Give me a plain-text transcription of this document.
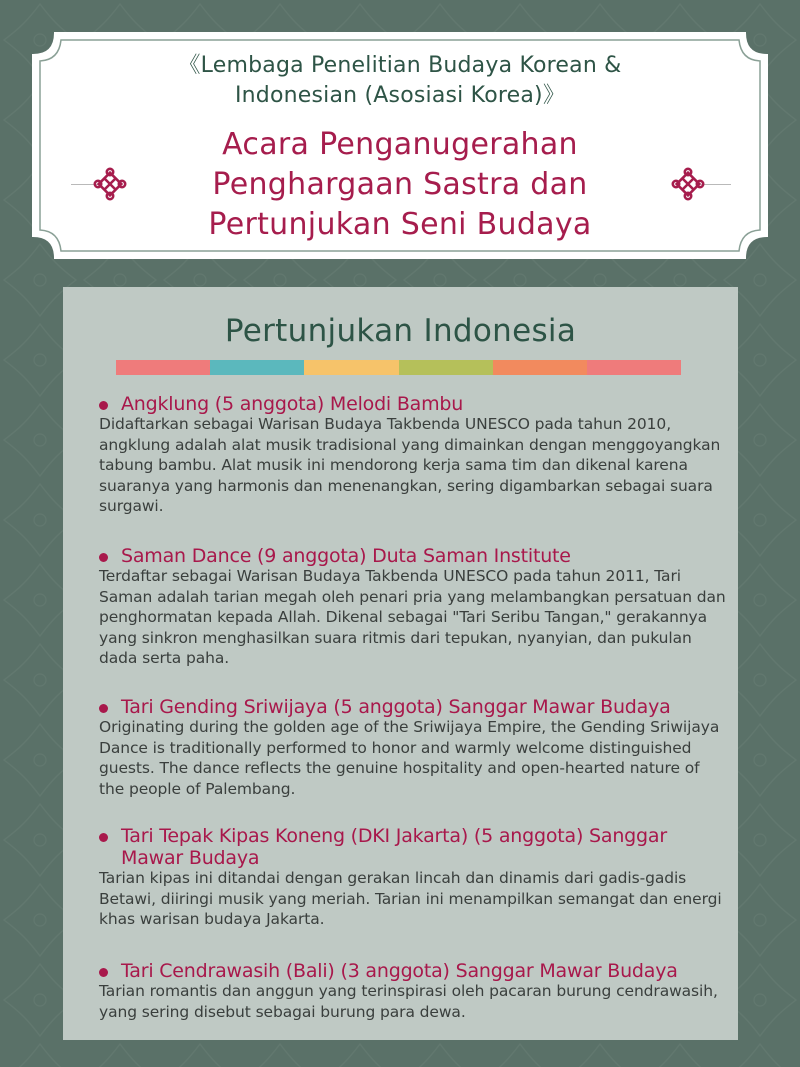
《Lembaga Penelitian Budaya Korean &
Indonesian (Asosiasi Korea)》
Acara Penganugerahan
Penghargaan Sastra dan
Pertunjukan Seni Budaya
Pertunjukan Indonesia
Angklung (5 anggota) Melodi Bambu
Didaftarkan sebagai Warisan Budaya Takbenda UNESCO pada tahun 2010, angklung adalah alat musik tradisional yang dimainkan dengan menggoyangkan tabung bambu. Alat musik ini mendorong kerja sama tim dan dikenal karena suaranya yang harmonis dan menenangkan, sering digambarkan sebagai suara surgawi.
Saman Dance (9 anggota) Duta Saman Institute
Terdaftar sebagai Warisan Budaya Takbenda UNESCO pada tahun 2011, Tari Saman adalah tarian megah oleh penari pria yang melambangkan persatuan dan penghormatan kepada Allah. Dikenal sebagai "Tari Seribu Tangan," gerakannya yang sinkron menghasilkan suara ritmis dari tepukan, nyanyian, dan pukulan dada serta paha.
Tari Gending Sriwijaya (5 anggota) Sanggar Mawar Budaya
Originating during the golden age of the Sriwijaya Empire, the Gending Sriwijaya Dance is traditionally performed to honor and warmly welcome distinguished guests. The dance reflects the genuine hospitality and open-hearted nature of the people of Palembang.
Tari Tepak Kipas Koneng (DKI Jakarta) (5 anggota) Sanggar Mawar Budaya
Tarian kipas ini ditandai dengan gerakan lincah dan dinamis dari gadis-gadis Betawi, diiringi musik yang meriah. Tarian ini menampilkan semangat dan energi khas warisan budaya Jakarta.
Tari Cendrawasih (Bali) (3 anggota) Sanggar Mawar Budaya
Tarian romantis dan anggun yang terinspirasi oleh pacaran burung cendrawasih, yang sering disebut sebagai burung para dewa.
